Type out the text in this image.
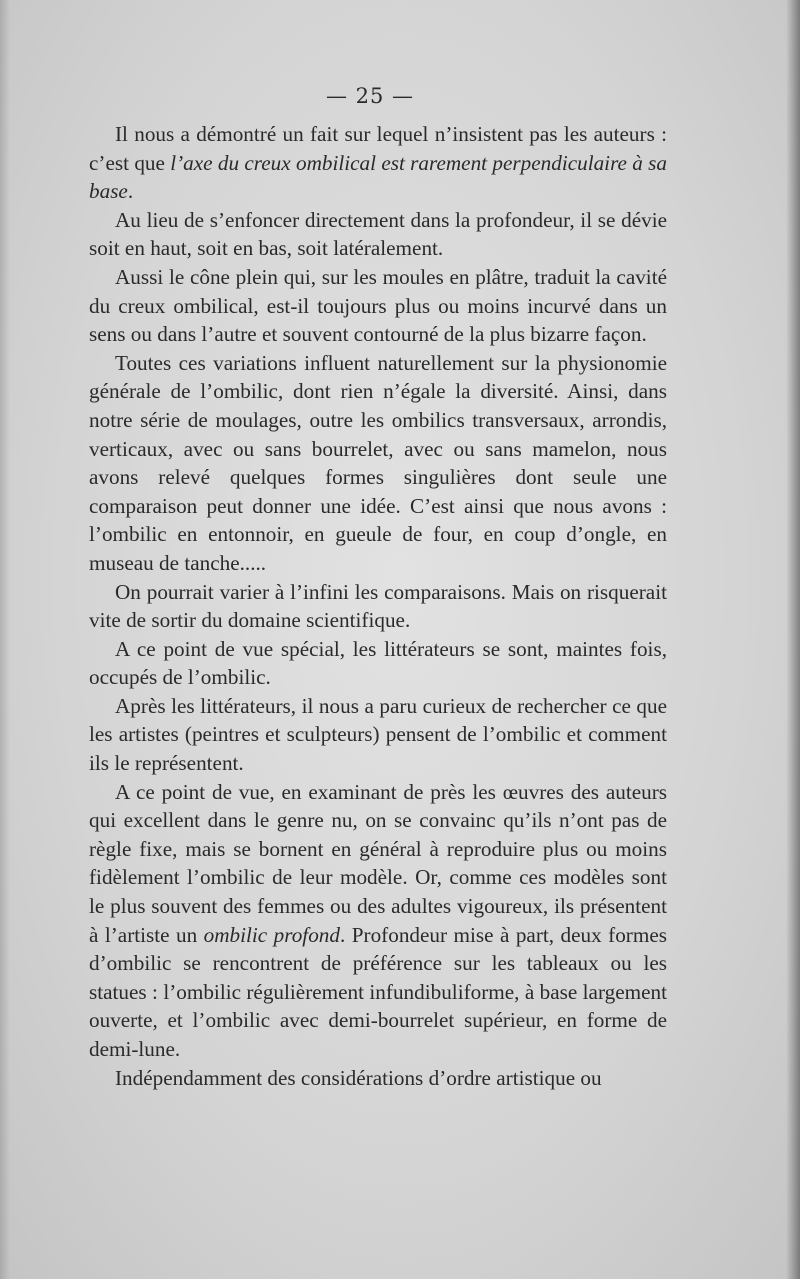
— 25 —

Il nous a démontré un fait sur lequel n’insistent pas les auteurs : c’est que l’axe du creux ombilical est rarement perpendiculaire à sa base.

Au lieu de s’enfoncer directement dans la profondeur, il se dévie soit en haut, soit en bas, soit latéralement.

Aussi le cône plein qui, sur les moules en plâtre, traduit la cavité du creux ombilical, est-il toujours plus ou moins incurvé dans un sens ou dans l’autre et souvent contourné de la plus bizarre façon.

Toutes ces variations influent naturellement sur la physionomie générale de l’ombilic, dont rien n’égale la diversité. Ainsi, dans notre série de moulages, outre les ombilics transversaux, arrondis, verticaux, avec ou sans bourrelet, avec ou sans mamelon, nous avons relevé quelques formes singulières dont seule une comparaison peut donner une idée. C’est ainsi que nous avons : l’ombilic en entonnoir, en gueule de four, en coup d’ongle, en museau de tanche.....

On pourrait varier à l’infini les comparaisons. Mais on risquerait vite de sortir du domaine scientifique.

A ce point de vue spécial, les littérateurs se sont, maintes fois, occupés de l’ombilic.

Après les littérateurs, il nous a paru curieux de rechercher ce que les artistes (peintres et sculpteurs) pensent de l’ombilic et comment ils le représentent.

A ce point de vue, en examinant de près les œuvres des auteurs qui excellent dans le genre nu, on se convainc qu’ils n’ont pas de règle fixe, mais se bornent en général à reproduire plus ou moins fidèlement l’ombilic de leur modèle. Or, comme ces modèles sont le plus souvent des femmes ou des adultes vigoureux, ils présentent à l’artiste un ombilic profond. Profondeur mise à part, deux formes d’ombilic se rencontrent de préférence sur les tableaux ou les statues : l’ombilic régulièrement infundibuliforme, à base largement ouverte, et l’ombilic avec demi-bourrelet supérieur, en forme de demi-lune.

Indépendamment des considérations d’ordre artistique ou
